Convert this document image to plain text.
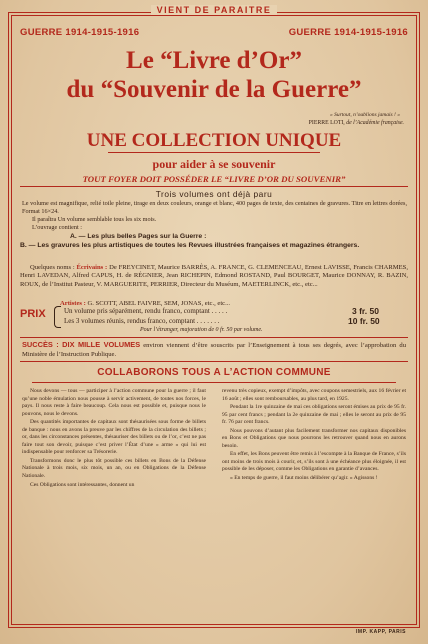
VIENT DE PARAITRE
GUERRE 1914-1915-1916	GUERRE 1914-1915-1916
Le “Livre d’Or”
du “Souvenir de la Guerre”
« Surtout, n’oublions jamais ! »
PIERRE LOTI, de l’Académie française.
UNE COLLECTION UNIQUE
pour aider à se souvenir
TOUT FOYER DOIT POSSÉDER LE “LIVRE D’OR DU SOUVENIR”
Trois volumes ont déjà paru
Le volume est magnifique, relié toile pleine, tirage en deux couleurs, orange et blanc, 400 pages de texte, des centaines de gravures. Titre en lettres dorées, Format 16×24.
Il paraîtra Un volume semblable tous les six mois.
L’ouvrage contient :
A. — Les plus belles Pages sur la Guerre :
B. — Les gravures les plus artistiques de toutes les Revues illustrées françaises et magazines étrangers.
Quelques noms : Écrivains : De FREYCINET, Maurice BARRÈS, A. FRANCE, G. CLEMENCEAU, Ernest LAVISSE, Francis CHARMES, Henri LAVEDAN, Alfred CAPUS, H. de RÉGNIER, Jean RICHEPIN, Edmond ROSTAND, Paul BOURGET, Maurice DONNAY, R. BAZIN, ROUX, de l’Institut Pasteur, V. MARGUERITE, PERRIER, Directeur du Muséum, MAETERLINCK, etc., etc...
Artistes : G. SCOTT, ABEL FAIVRE, SEM, JONAS, etc., etc...
PRIX	Un volume pris séparément, rendu franco, comptant . . . . .	3 fr. 50
Les 3 volumes réunis, rendus franco, comptant . . . . . . .	10 fr. 50
Pour l’étranger, majoration de 0 fr. 50 par volume.
SUCCÈS : DIX MILLE VOLUMES environ viennent d’être souscrits par l’Enseignement à tous ses degrés, avec l’approbation du Ministère de l’Instruction Publique.
COLLABORONS TOUS A L’ACTION COMMUNE

Nous devons — tous — participer à l’action commune pour la guerre ; il faut qu’une noble émulation nous pousse à servir activement, de toutes nos forces, le pays. Il nous reste à faire beaucoup. Cela nous est possible et, puisque nous le pouvons, nous le devons.

Des quantités importantes de capitaux sont thésaurisées sous forme de billets de banque : nous en avons la preuve par les chiffres de la circulation des billets ; or, dans les circonstances présentes, thésauriser des billets ou de l’or, c’est ne pas faire tout son devoir, puisque c’est priver l’État d’une « arme » qui lui est indispensable pour renforcer sa Trésorerie.

Transformons donc le plus tôt possible ces billets en Bons de la Défense Nationale à trois mois, six mois, un an, ou en Obligations de la Défense Nationale.

Ces Obligations sont intéressantes, donnent un

revenu très copieux, exempt d’impôts, avec coupons semestriels, aux 16 février et 16 août ; elles sont remboursables, au plus tard, en 1925.

Pendant la 1re quinzaine de mai ces obligations seront émises au prix de 95 fr. 95 par cent francs ; pendant la 2e quinzaine de mai ; elles le seront au prix de 95 fr. 76 par cent francs.

Nous pouvons d’autant plus facilement transformer nos capitaux disponibles en Bons et Obligations que nous pourrons les retrouver quand nous en aurons besoin.

En effet, les Bons peuvent être remis à l’escompte à la Banque de France, s’ils ont moins de trois mois à courir, et, s’ils sont à une échéance plus éloignée, il est possible de les déposer, comme les Obligations en garantie d’avances.

« En temps de guerre, il faut moins délibérer qu’agir. » Agissons !

IMP. KAPP, PARIS
